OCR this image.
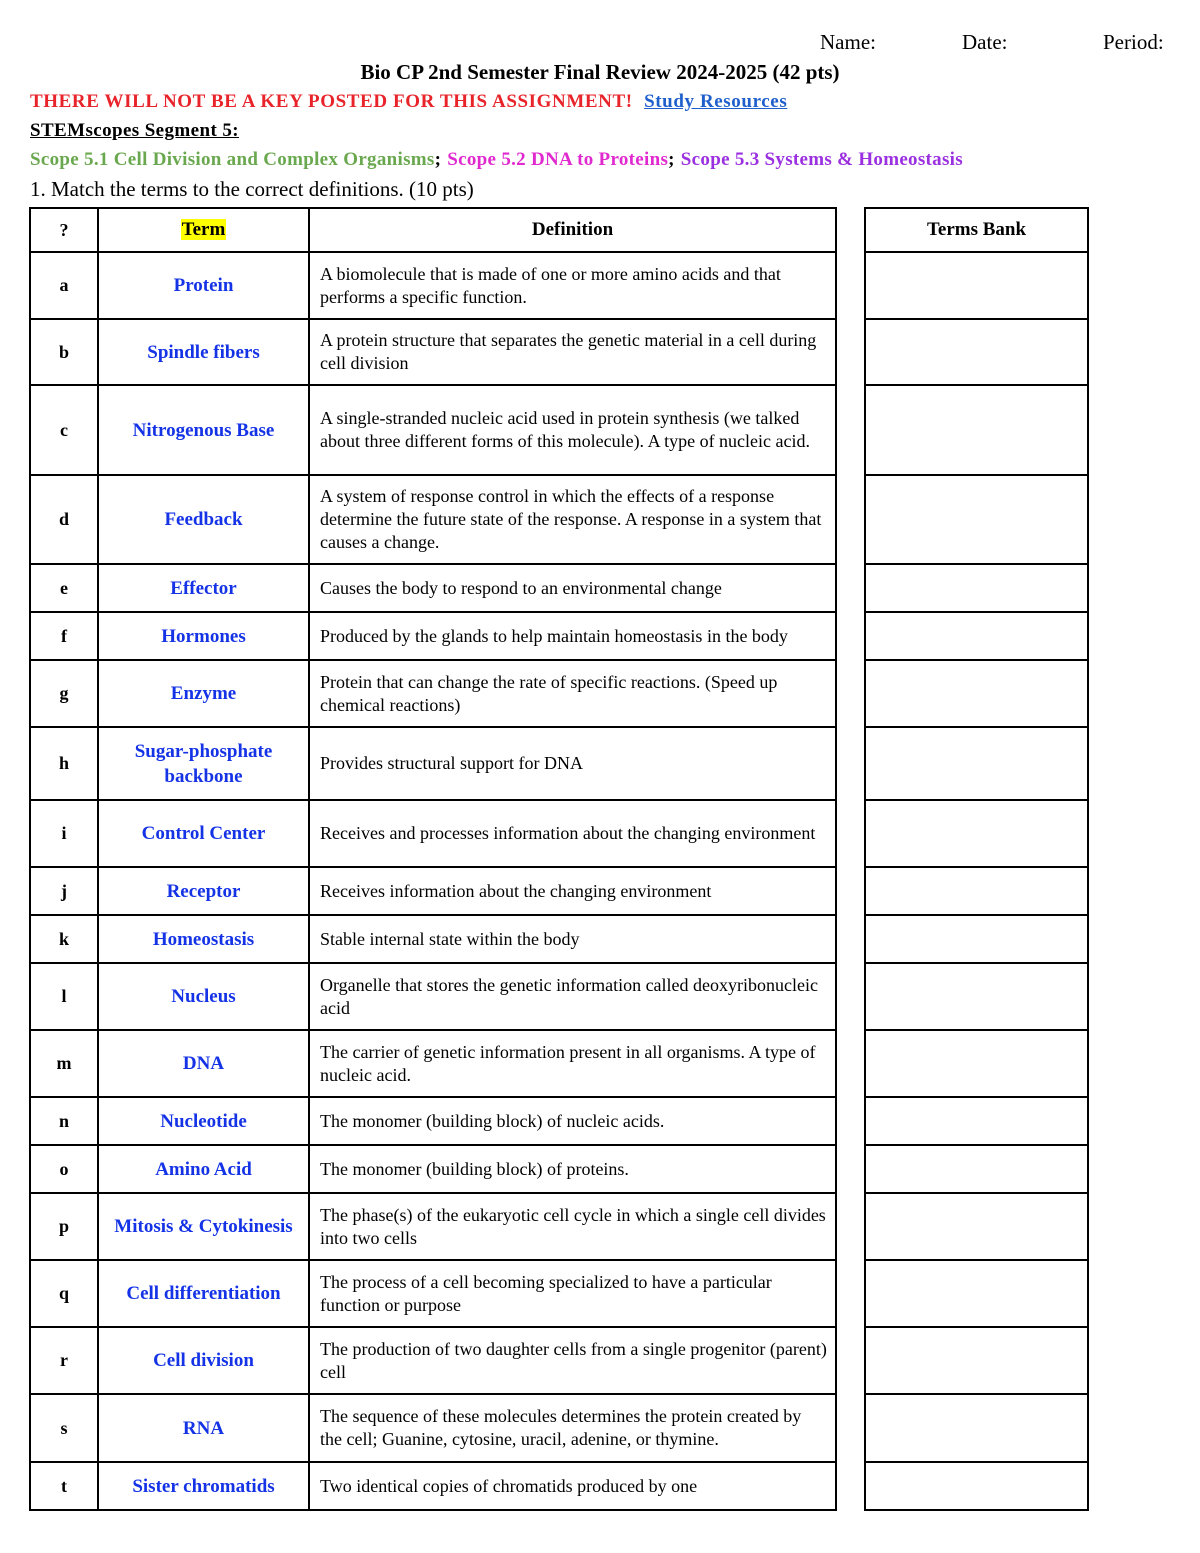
Name:	Date:	Period:
Bio CP 2nd Semester Final Review 2024-2025 (42 pts)
THERE WILL NOT BE A KEY POSTED FOR THIS ASSIGNMENT! Study Resources
STEMscopes Segment 5:
Scope 5.1 Cell Division and Complex Organisms; Scope 5.2 DNA to Proteins; Scope 5.3 Systems & Homeostasis
1. Match the terms to the correct definitions. (10 pts)
?	Term	Definition
a	Protein	A biomolecule that is made of one or more amino acids and that performs a specific function.
b	Spindle fibers	A protein structure that separates the genetic material in a cell during cell division
c	Nitrogenous Base	A single-stranded nucleic acid used in protein synthesis (we talked about three different forms of this molecule). A type of nucleic acid.
d	Feedback	A system of response control in which the effects of a response determine the future state of the response. A response in a system that causes a change.
e	Effector	Causes the body to respond to an environmental change
f	Hormones	Produced by the glands to help maintain homeostasis in the body
g	Enzyme	Protein that can change the rate of specific reactions. (Speed up chemical reactions)
h	Sugar-phosphate backbone	Provides structural support for DNA
i	Control Center	Receives and processes information about the changing environment
j	Receptor	Receives information about the changing environment
k	Homeostasis	Stable internal state within the body
l	Nucleus	Organelle that stores the genetic information called deoxyribonucleic acid
m	DNA	The carrier of genetic information present in all organisms. A type of nucleic acid.
n	Nucleotide	The monomer (building block) of nucleic acids.
o	Amino Acid	The monomer (building block) of proteins.
p	Mitosis & Cytokinesis	The phase(s) of the eukaryotic cell cycle in which a single cell divides into two cells
q	Cell differentiation	The process of a cell becoming specialized to have a particular function or purpose
r	Cell division	The production of two daughter cells from a single progenitor (parent) cell
s	RNA	The sequence of these molecules determines the protein created by the cell; Guanine, cytosine, uracil, adenine, or thymine.
t	Sister chromatids	Two identical copies of chromatids produced by one
Terms Bank
